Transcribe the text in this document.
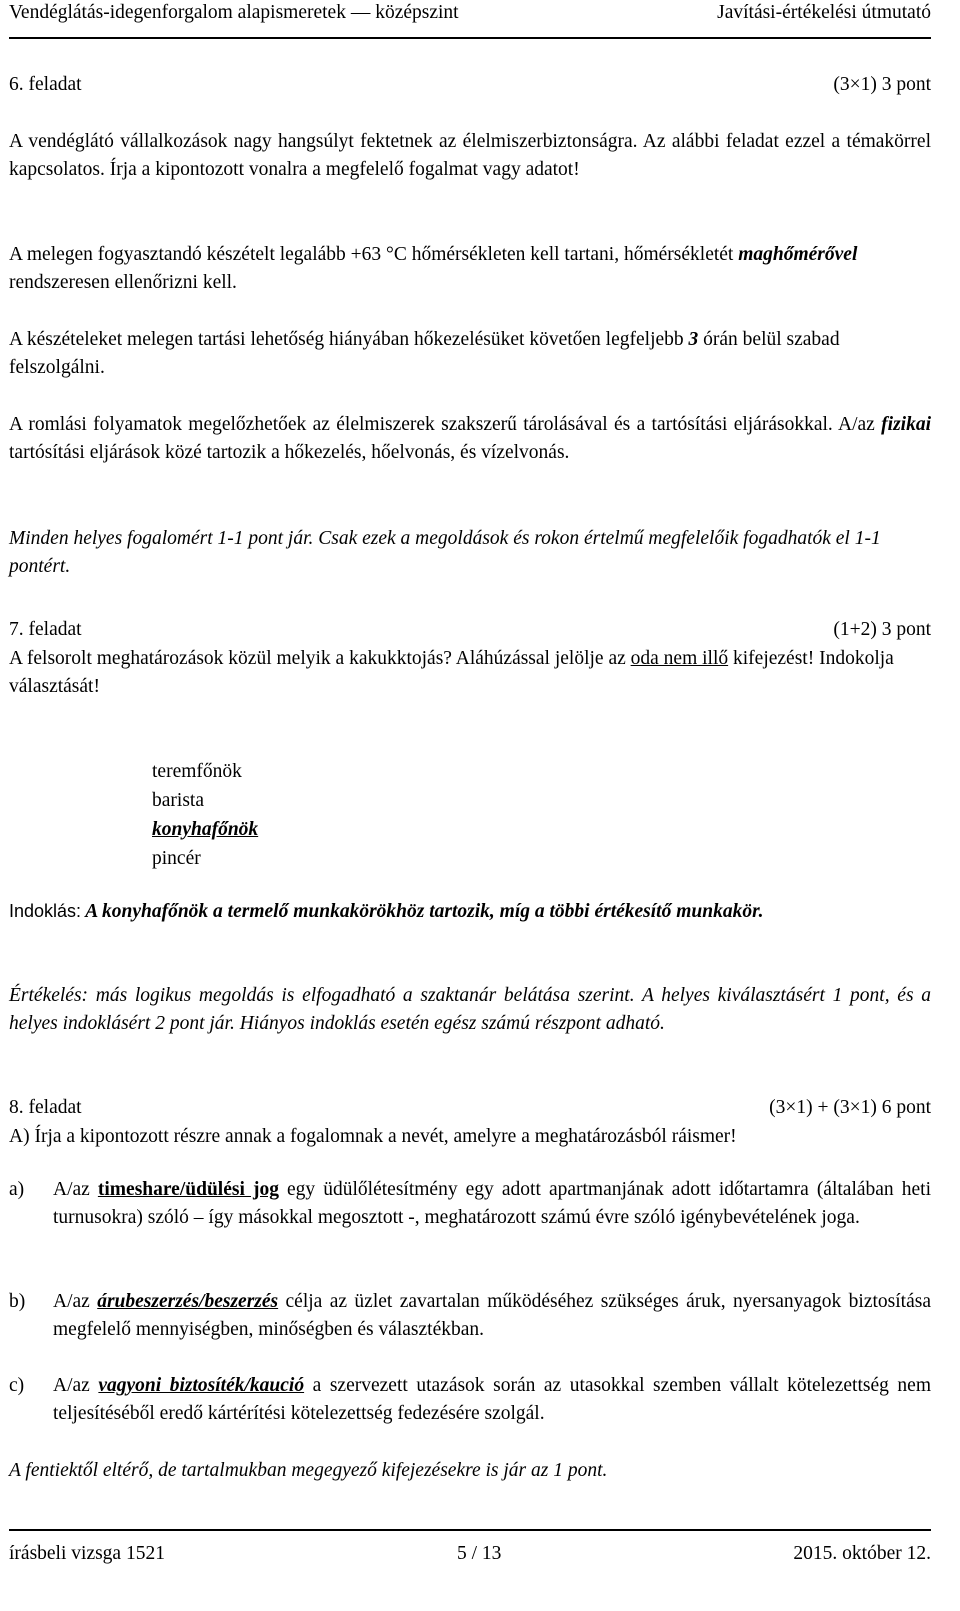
Vendéglátás-idegenforgalom alapismeretek — középszint	Javítási-értékelési útmutató
6. feladat	(3×1) 3 pont
A vendéglátó vállalkozások nagy hangsúlyt fektetnek az élelmiszerbiztonságra. Az alábbi feladat ezzel a témakörrel kapcsolatos. Írja a kipontozott vonalra a megfelelő fogalmat vagy adatot!
A melegen fogyasztandó készételt legalább +63 °C hőmérsékleten kell tartani, hőmérsékletét maghőmérővel rendszeresen ellenőrizni kell.
A készételeket melegen tartási lehetőség hiányában hőkezelésüket követően legfeljebb 3 órán belül szabad felszolgálni.
A romlási folyamatok megelőzhetőek az élelmiszerek szakszerű tárolásával és a tartósítási eljárásokkal. A/az fizikai tartósítási eljárások közé tartozik a hőkezelés, hőelvonás, és vízelvonás.
Minden helyes fogalomért 1-1 pont jár. Csak ezek a megoldások és rokon értelmű megfelelőik fogadhatók el 1-1 pontért.
7. feladat	(1+2) 3 pont
A felsorolt meghatározások közül melyik a kakukktojás? Aláhúzással jelölje az oda nem illő kifejezést! Indokolja választását!
teremfőnök
barista
konyhafőnök
pincér
Indoklás: A konyhafőnök a termelő munkakörökhöz tartozik, míg a többi értékesítő munkakör.
Értékelés: más logikus megoldás is elfogadható a szaktanár belátása szerint. A helyes kiválasztásért 1 pont, és a helyes indoklásért 2 pont jár. Hiányos indoklás esetén egész számú részpont adható.
8. feladat	(3×1) + (3×1) 6 pont
A) Írja a kipontozott részre annak a fogalomnak a nevét, amelyre a meghatározásból ráismer!
a)	A/az timeshare/üdülési jog egy üdülőlétesítmény egy adott apartmanjának adott időtartamra (általában heti turnusokra) szóló – így másokkal megosztott -, meghatározott számú évre szóló igénybevételének joga.
b)	A/az árubeszerzés/beszerzés célja az üzlet zavartalan működéséhez szükséges áruk, nyersanyagok biztosítása megfelelő mennyiségben, minőségben és választékban.
c)	A/az vagyoni biztosíték/kaució a szervezett utazások során az utasokkal szemben vállalt kötelezettség nem teljesítéséből eredő kártérítési kötelezettség fedezésére szolgál.
A fentiektől eltérő, de tartalmukban megegyező kifejezésekre is jár az 1 pont.
írásbeli vizsga 1521	5 / 13	2015. október 12.
